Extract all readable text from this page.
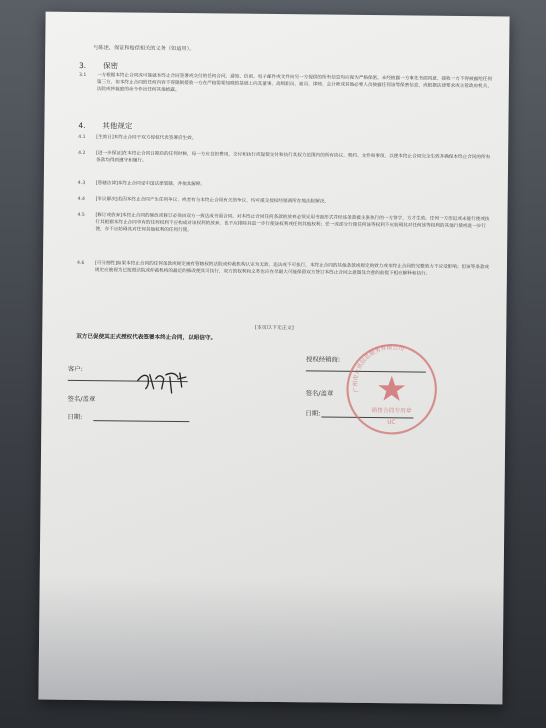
与陈述、保证和赔偿相关的义务（如适用）。
3. 保密
3.1	一方根据本终止合同或可能就本终止合同签署或交付的任何合同、通知、信函、电子邮件或文件向另一方提供的所有信息均应视为严格保密。未经披露一方事先书面同意，接收一方不得披露给任何第三方，但本终止合同的任何内容不得限制接收一方在严格需要知晓的基础上向其董事、高级职员、雇员、律师、会计师或其他必要人员披露任何该等保密信息，或根据法律要求或主管政府机关、法院或仲裁庭的命令作出任何其他披露。
4. 其他规定
4.1	[生效日]本终止合同于双方授权代表签署后生效。
4.2	[进一步保证]在本终止合同日期后的任何时候，每一方应自担费用，交付和执行或促使交付和执行其权力范围内的所有协议、契约、文件和事项，以使本终止合同完全生效并确保本终止合同的所有条款均得到遵守和履行。
4.3	[管辖法律]本终止合同受中国法律管辖，并依其解释。
4.4	[争议解决]若因本终止合同产生任何争议，或者有与本终止合同有关的争议，均可提交授权经销商所在地法院解决。
4.5	[修订或放弃]本终止合同的修改或修订必须由双方一致达成书面合同。对本终止合同任何条款的放弃必须采用书面形式并经该条款被主张执行的一方签字，方才生效。任何一方形迟或未能行使或执行其根据本终止合同享有的任何权利不应构成对该权利的放弃，也不应排除其进一步行使该权利或任何其他权利；任一或部分行使任何该等权利不应妨碍其对任何该等权利的其他行使或进一步行使，亦不应妨碍其对任何其他权利的任何行使。
4.6	[可分割性]如果本终止合同的任何条款或规定被有管辖权的法院或仲裁机构认定为无效、违法或不可执行，本终止合同的其他条款或规定的效力或本终止合同的完整效力不应受影响；但该等条款或规定应被视为已按照法院或仲裁机构的最近的修改使其可执行，双方的权利和义务也应在尽最大可能保留双方签订本终止合同之意图及合意的前提下相应解释和执行。
[本页以下无正文]
双方已促使其正式授权代表签署本终止合同，以昭信守。
客户:
签名/盖章
日期:
授权经销商:
签名/盖章
日期:
广州市友讯信息服务有限公司
销售合同专用章
UC
